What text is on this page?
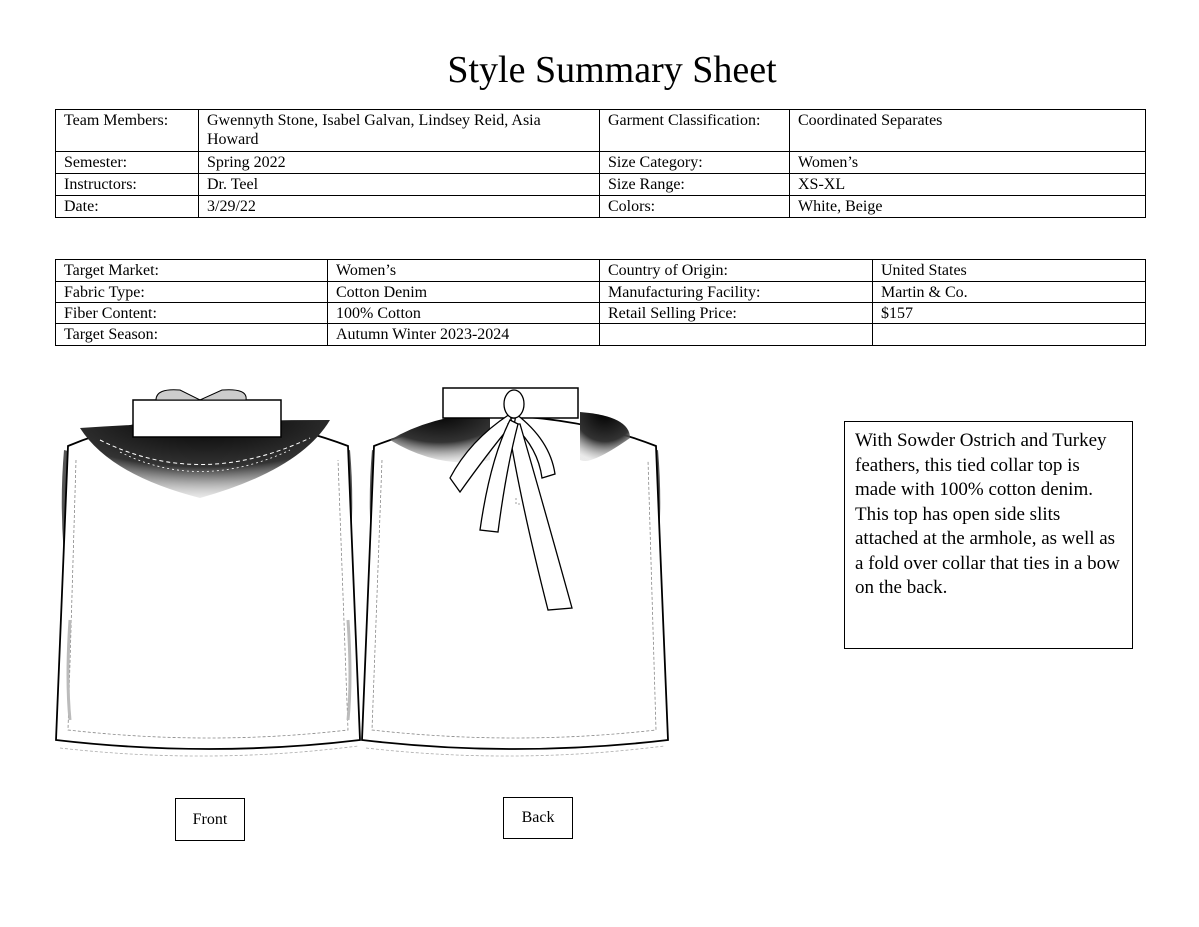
Style Summary Sheet
Team Members:	Gwennyth Stone, Isabel Galvan, Lindsey Reid, Asia Howard	Garment Classification:	Coordinated Separates
Semester:	Spring 2022	Size Category:	Women’s
Instructors:	Dr. Teel	Size Range:	XS-XL
Date:	3/29/22	Colors:	White, Beige
Target Market:	Women’s	Country of Origin:	United States
Fabric Type:	Cotton Denim	Manufacturing Facility:	Martin & Co.
Fiber Content:	100% Cotton	Retail Selling Price:	$157
Target Season:	Autumn Winter 2023-2024		
With Sowder Ostrich and Turkey feathers, this tied collar top is made with 100% cotton denim. This top has open side slits attached at the armhole, as well as a fold over collar that ties in a bow on the back.
Front	Back
